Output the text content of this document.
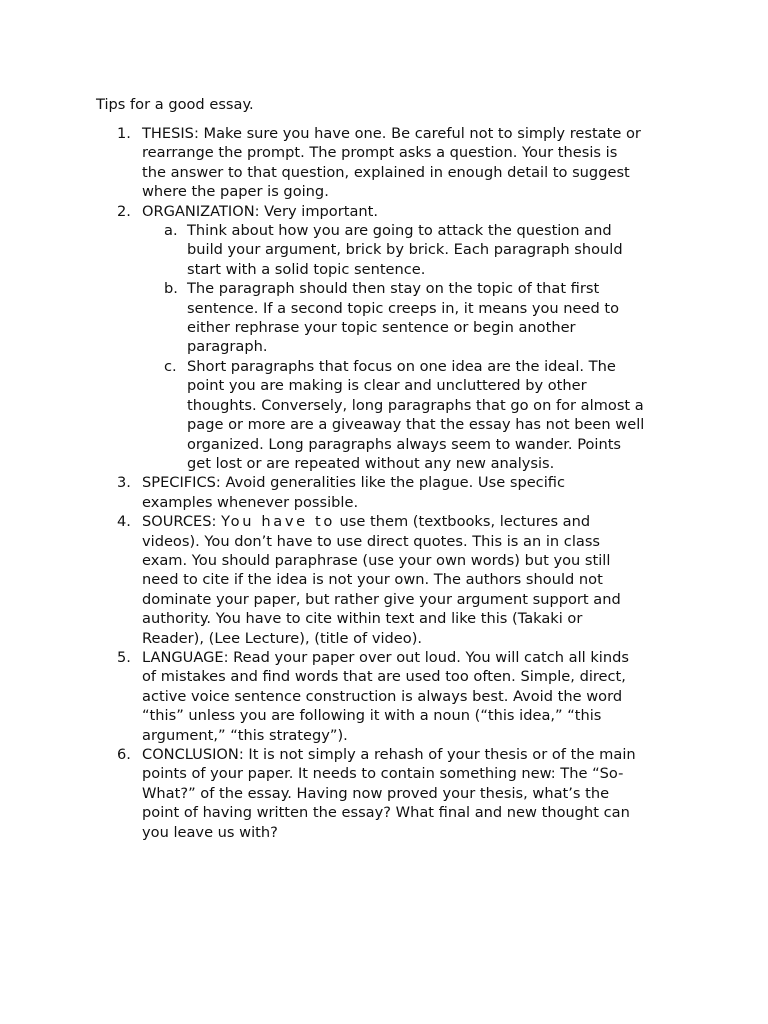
Tips for a good essay.

1. THESIS: Make sure you have one. Be careful not to simply restate or
rearrange the prompt. The prompt asks a question. Your thesis is
the answer to that question, explained in enough detail to suggest
where the paper is going.
2. ORGANIZATION: Very important.
a. Think about how you are going to attack the question and
build your argument, brick by brick. Each paragraph should
start with a solid topic sentence.
b. The paragraph should then stay on the topic of that first
sentence. If a second topic creeps in, it means you need to
either rephrase your topic sentence or begin another
paragraph.
c. Short paragraphs that focus on one idea are the ideal. The
point you are making is clear and uncluttered by other
thoughts. Conversely, long paragraphs that go on for almost a
page or more are a giveaway that the essay has not been well
organized. Long paragraphs always seem to wander. Points
get lost or are repeated without any new analysis.
3. SPECIFICS: Avoid generalities like the plague. Use specific
examples whenever possible.
4. SOURCES: You have to use them (textbooks, lectures and
videos). You don’t have to use direct quotes. This is an in class
exam. You should paraphrase (use your own words) but you still
need to cite if the idea is not your own. The authors should not
dominate your paper, but rather give your argument support and
authority. You have to cite within text and like this (Takaki or
Reader), (Lee Lecture), (title of video).
5. LANGUAGE: Read your paper over out loud. You will catch all kinds
of mistakes and find words that are used too often. Simple, direct,
active voice sentence construction is always best. Avoid the word
“this” unless you are following it with a noun (“this idea,” “this
argument,” “this strategy”).
6. CONCLUSION: It is not simply a rehash of your thesis or of the main
points of your paper. It needs to contain something new: The “So-
What?” of the essay. Having now proved your thesis, what’s the
point of having written the essay? What final and new thought can
you leave us with?
